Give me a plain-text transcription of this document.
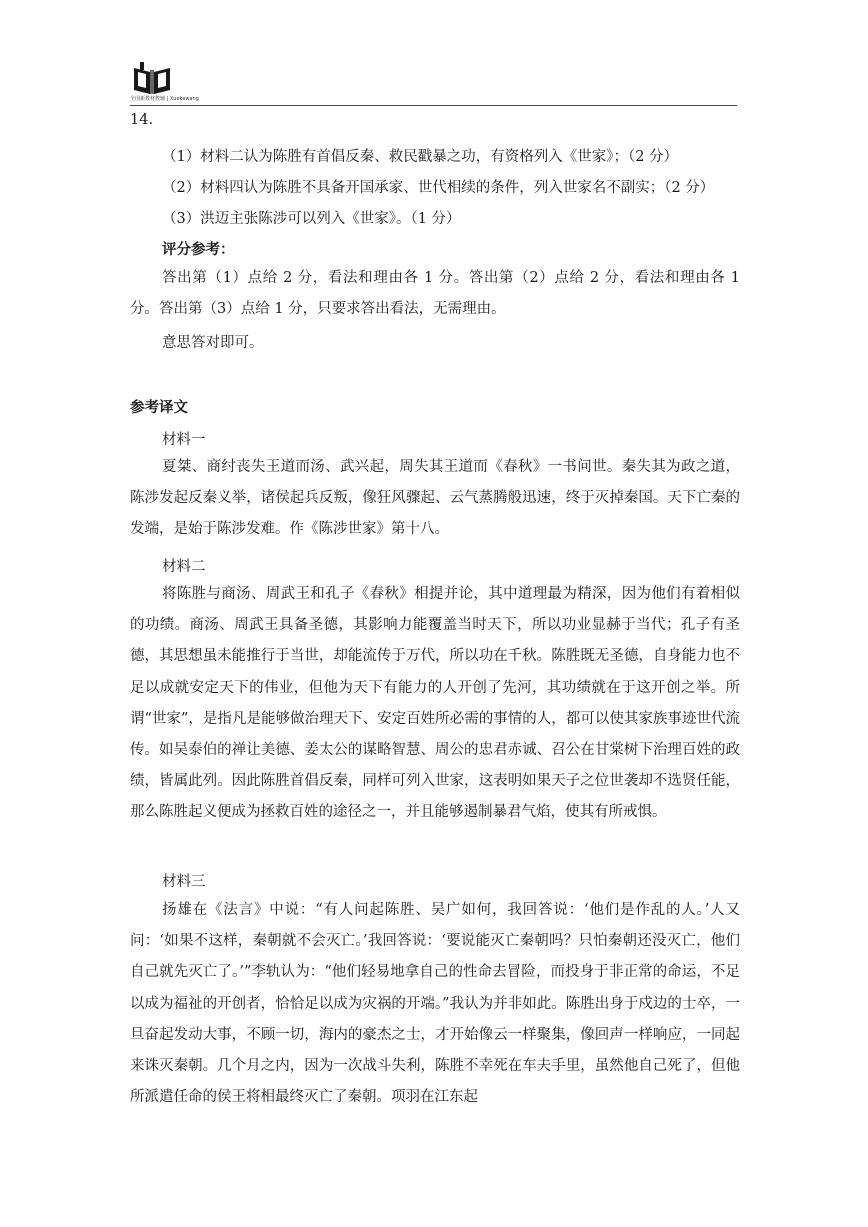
全国新教材教辅 | Xuekewang
14.
（1）材料二认为陈胜有首倡反秦、救民戳暴之功，有资格列入《世家》；（2 分）
（2）材料四认为陈胜不具备开国承家、世代相续的条件，列入世家名不副实；（2 分）
（3）洪迈主张陈涉可以列入《世家》。（1 分）
评分参考：
答出第（1）点给 2 分，看法和理由各 1 分。答出第（2）点给 2 分，看法和理由各 1 分。答出第（3）点给 1 分，只要求答出看法，无需理由。
意思答对即可。
参考译文
材料一
夏桀、商纣丧失王道而汤、武兴起，周失其王道而《春秋》一书问世。秦失其为政之道，陈涉发起反秦义举，诸侯起兵反叛，像狂风骤起、云气蒸腾般迅速，终于灭掉秦国。天下亡秦的发端，是始于陈涉发难。作《陈涉世家》第十八。
材料二
将陈胜与商汤、周武王和孔子《春秋》相提并论，其中道理最为精深，因为他们有着相似的功绩。商汤、周武王具备圣德，其影响力能覆盖当时天下，所以功业显赫于当代；孔子有圣德，其思想虽未能推行于当世，却能流传于万代，所以功在千秋。陈胜既无圣德，自身能力也不足以成就安定天下的伟业，但他为天下有能力的人开创了先河，其功绩就在于这开创之举。所谓“世家”，是指凡是能够做治理天下、安定百姓所必需的事情的人，都可以使其家族事迹世代流传。如吴泰伯的禅让美德、姜太公的谋略智慧、周公的忠君赤诚、召公在甘棠树下治理百姓的政绩，皆属此列。因此陈胜首倡反秦，同样可列入世家，这表明如果天子之位世袭却不选贤任能，那么陈胜起义便成为拯救百姓的途径之一，并且能够遏制暴君气焰，使其有所戒惧。
材料三
扬雄在《法言》中说：“有人问起陈胜、吴广如何，我回答说：‘他们是作乱的人。’人又问：‘如果不这样，秦朝就不会灭亡。’我回答说：‘要说能灭亡秦朝吗？只怕秦朝还没灭亡，他们自己就先灭亡了。’”李轨认为：“他们轻易地拿自己的性命去冒险，而投身于非正常的命运，不足以成为福祉的开创者，恰恰足以成为灾祸的开端。”我认为并非如此。陈胜出身于戍边的士卒，一旦奋起发动大事，不顾一切，海内的豪杰之士，才开始像云一样聚集，像回声一样响应，一同起来诛灭秦朝。几个月之内，因为一次战斗失利，陈胜不幸死在车夫手里，虽然他自己死了，但他所派遣任命的侯王将相最终灭亡了秦朝。项羽在江东起
